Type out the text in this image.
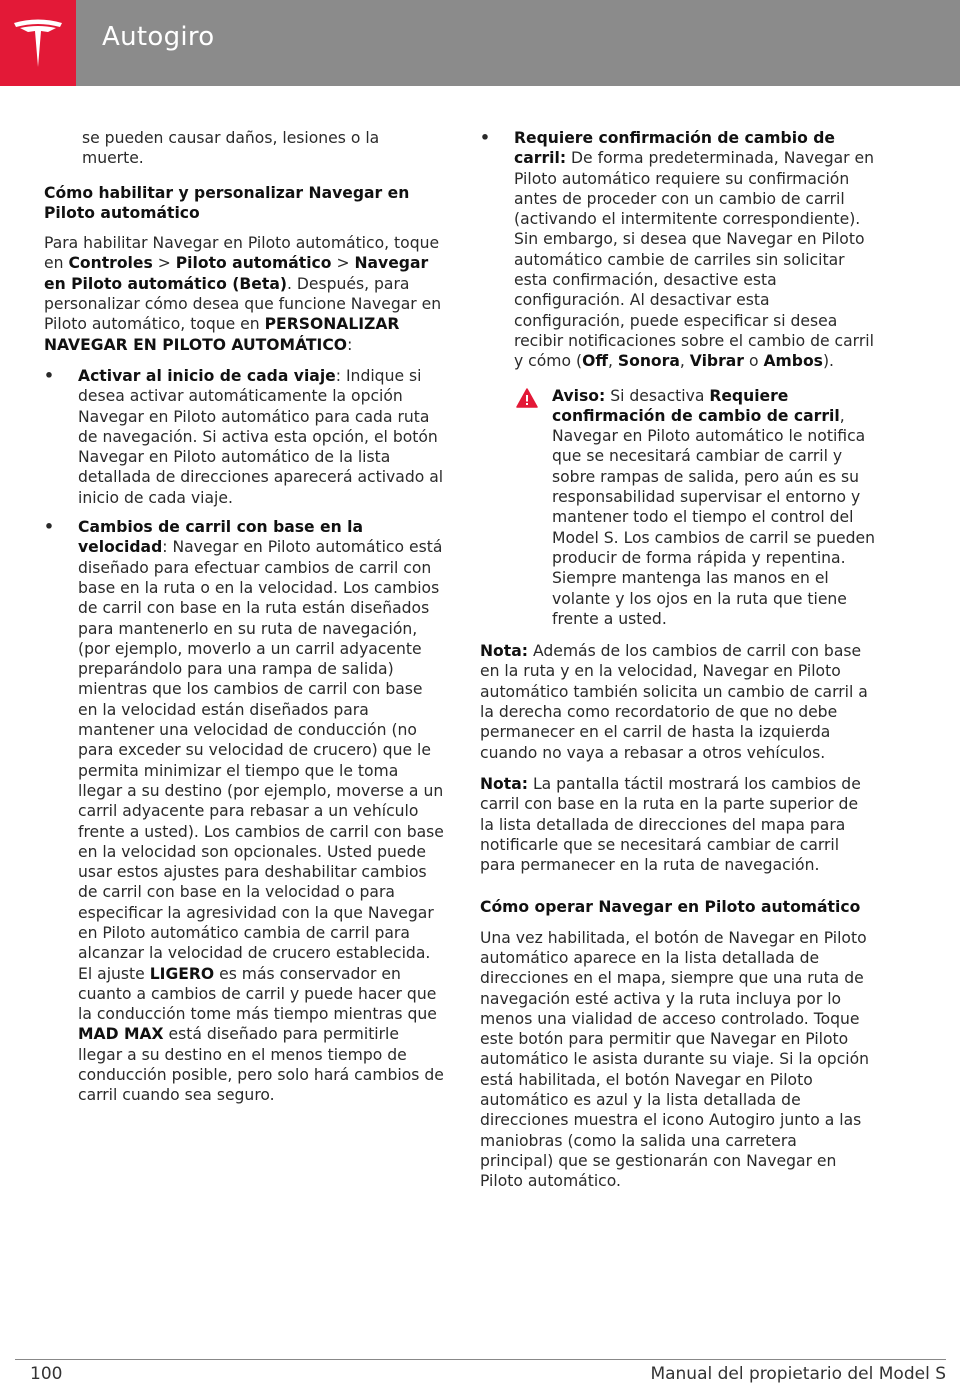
Autogiro

se pueden causar daños, lesiones o la muerte.

Cómo habilitar y personalizar Navegar en Piloto automático

Para habilitar Navegar en Piloto automático, toque en Controles > Piloto automático > Navegar en Piloto automático (Beta). Después, para personalizar cómo desea que funcione Navegar en Piloto automático, toque en PERSONALIZAR NAVEGAR EN PILOTO AUTOMÁTICO:

• Activar al inicio de cada viaje: Indique si desea activar automáticamente la opción Navegar en Piloto automático para cada ruta de navegación. Si activa esta opción, el botón Navegar en Piloto automático de la lista detallada de direcciones aparecerá activado al inicio de cada viaje.
• Cambios de carril con base en la velocidad: Navegar en Piloto automático está diseñado para efectuar cambios de carril con base en la ruta o en la velocidad. Los cambios de carril con base en la ruta están diseñados para mantenerlo en su ruta de navegación, (por ejemplo, moverlo a un carril adyacente preparándolo para una rampa de salida) mientras que los cambios de carril con base en la velocidad están diseñados para mantener una velocidad de conducción (no para exceder su velocidad de crucero) que le permita minimizar el tiempo que le toma llegar a su destino (por ejemplo, moverse a un carril adyacente para rebasar a un vehículo frente a usted). Los cambios de carril con base en la velocidad son opcionales. Usted puede usar estos ajustes para deshabilitar cambios de carril con base en la velocidad o para especificar la agresividad con la que Navegar en Piloto automático cambia de carril para alcanzar la velocidad de crucero establecida. El ajuste LIGERO es más conservador en cuanto a cambios de carril y puede hacer que la conducción tome más tiempo mientras que MAD MAX está diseñado para permitirle llegar a su destino en el menos tiempo de conducción posible, pero solo hará cambios de carril cuando sea seguro.
• Requiere confirmación de cambio de carril: De forma predeterminada, Navegar en Piloto automático requiere su confirmación antes de proceder con un cambio de carril (activando el intermitente correspondiente). Sin embargo, si desea que Navegar en Piloto automático cambie de carriles sin solicitar esta confirmación, desactive esta configuración. Al desactivar esta configuración, puede especificar si desea recibir notificaciones sobre el cambio de carril y cómo (Off, Sonora, Vibrar o Ambos).
Aviso: Si desactiva Requiere confirmación de cambio de carril, Navegar en Piloto automático le notifica que se necesitará cambiar de carril y sobre rampas de salida, pero aún es su responsabilidad supervisar el entorno y mantener todo el tiempo el control del Model S. Los cambios de carril se pueden producir de forma rápida y repentina. Siempre mantenga las manos en el volante y los ojos en la ruta que tiene frente a usted.

Nota: Además de los cambios de carril con base en la ruta y en la velocidad, Navegar en Piloto automático también solicita un cambio de carril a la derecha como recordatorio de que no debe permanecer en el carril de hasta la izquierda cuando no vaya a rebasar a otros vehículos.

Nota: La pantalla táctil mostrará los cambios de carril con base en la ruta en la parte superior de la lista detallada de direcciones del mapa para notificarle que se necesitará cambiar de carril para permanecer en la ruta de navegación.

Cómo operar Navegar en Piloto automático

Una vez habilitada, el botón de Navegar en Piloto automático aparece en la lista detallada de direcciones en el mapa, siempre que una ruta de navegación esté activa y la ruta incluya por lo menos una vialidad de acceso controlado. Toque este botón para permitir que Navegar en Piloto automático le asista durante su viaje. Si la opción está habilitada, el botón Navegar en Piloto automático es azul y la lista detallada de direcciones muestra el icono Autogiro junto a las maniobras (como la salida una carretera principal) que se gestionarán con Navegar en Piloto automático.

100	Manual del propietario del Model S
